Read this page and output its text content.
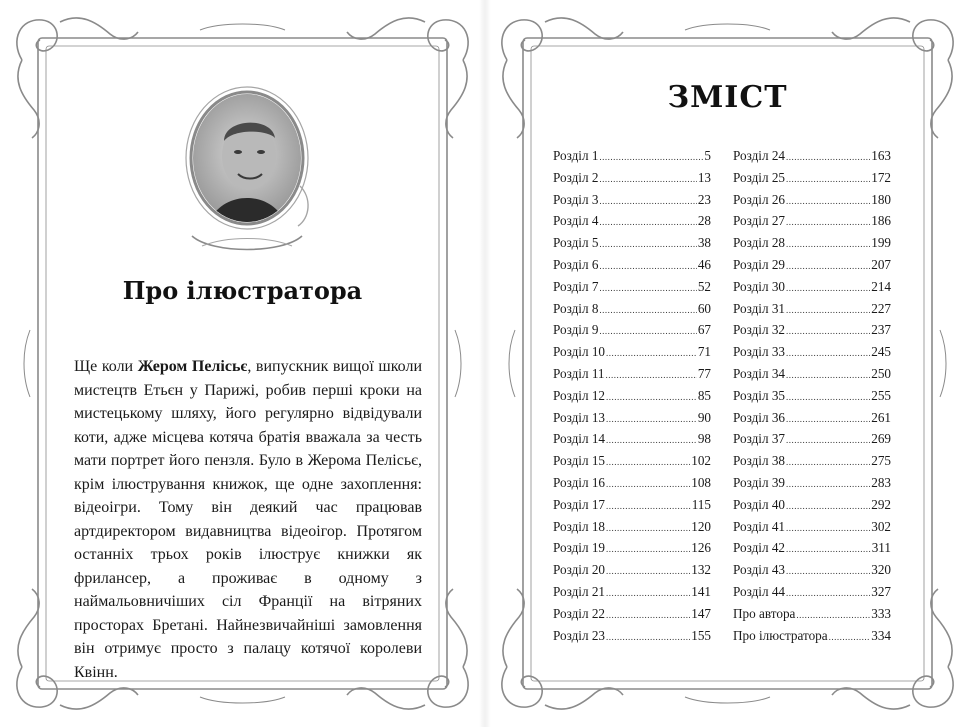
Про ілюстратора

Ще коли Жером Пелісьє, випускник вищої школи мистецтв Етьєн у Парижі, робив перші кроки на мистецькому шляху, його регулярно відвідували коти, адже місцева котяча братія вважала за честь мати портрет його пензля. Було в Жерома Пелісьє, крім ілюстрування книжок, ще одне захоплення: відеоігри. Тому він деякий час працював артдиректором видавництва відеоігор. Протягом останніх трьох років ілюструє книжки як фрилансер, а проживає в одному з наймальовничіших сіл Франції на вітряних просторах Бретані. Найнезвичайніші замовлення він отримує просто з палацу котячої королеви Квінн.

ЗМІСТ
Розділ 1 .....	5
Розділ 2 .....	13
Розділ 3 .....	23
Розділ 4 .....	28
Розділ 5 .....	38
Розділ 6 .....	46
Розділ 7 .....	52
Розділ 8 .....	60
Розділ 9 .....	67
Розділ 10 .....	71
Розділ 11 .....	77
Розділ 12 .....	85
Розділ 13 .....	90
Розділ 14 .....	98
Розділ 15 .....	102
Розділ 16 .....	108
Розділ 17 .....	115
Розділ 18 .....	120
Розділ 19 .....	126
Розділ 20 .....	132
Розділ 21 .....	141
Розділ 22 .....	147
Розділ 23 .....	155
Розділ 24 .....	163
Розділ 25 .....	172
Розділ 26 .....	180
Розділ 27 .....	186
Розділ 28 .....	199
Розділ 29 .....	207
Розділ 30 .....	214
Розділ 31 .....	227
Розділ 32 .....	237
Розділ 33 .....	245
Розділ 34 .....	250
Розділ 35 .....	255
Розділ 36 .....	261
Розділ 37 .....	269
Розділ 38 .....	275
Розділ 39 .....	283
Розділ 40 .....	292
Розділ 41 .....	302
Розділ 42 .....	311
Розділ 43 .....	320
Розділ 44 .....	327
Про автора .....	333
Про ілюстратора .....	334
